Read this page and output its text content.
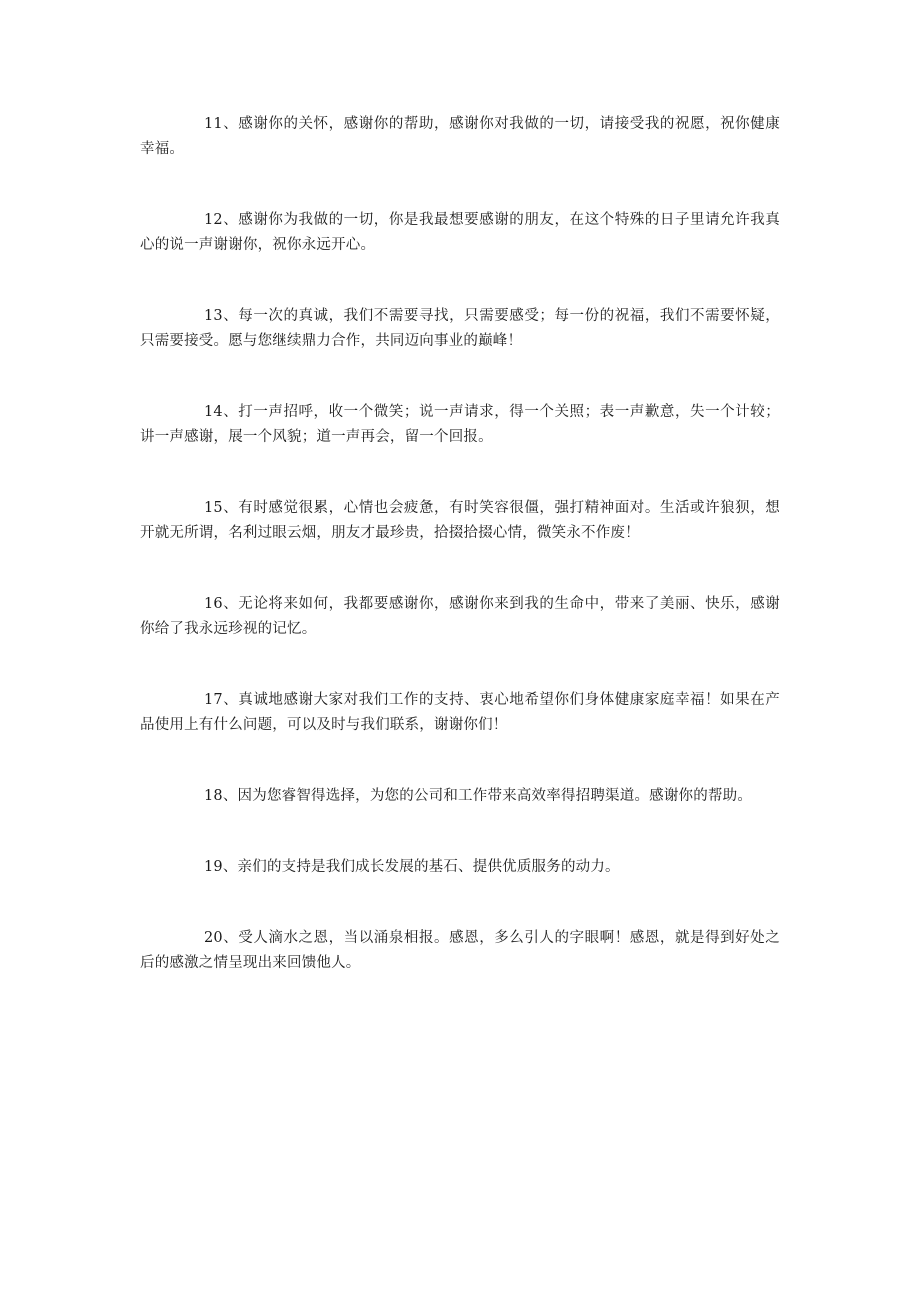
11、感谢你的关怀，感谢你的帮助，感谢你对我做的一切，请接受我的祝愿，祝你健康幸福。

12、感谢你为我做的一切，你是我最想要感谢的朋友，在这个特殊的日子里请允许我真心的说一声谢谢你，祝你永远开心。

13、每一次的真诚，我们不需要寻找，只需要感受；每一份的祝福，我们不需要怀疑，只需要接受。愿与您继续鼎力合作，共同迈向事业的巅峰！

14、打一声招呼，收一个微笑；说一声请求，得一个关照；表一声歉意，失一个计较；讲一声感谢，展一个风貌；道一声再会，留一个回报。

15、有时感觉很累，心情也会疲惫，有时笑容很僵，强打精神面对。生活或许狼狈，想开就无所谓，名利过眼云烟，朋友才最珍贵，拾掇拾掇心情，微笑永不作废！

16、无论将来如何，我都要感谢你，感谢你来到我的生命中，带来了美丽、快乐，感谢你给了我永远珍视的记忆。

17、真诚地感谢大家对我们工作的支持、衷心地希望你们身体健康家庭幸福！如果在产品使用上有什么问题，可以及时与我们联系，谢谢你们！

18、因为您睿智得选择，为您的公司和工作带来高效率得招聘渠道。感谢你的帮助。

19、亲们的支持是我们成长发展的基石、提供优质服务的动力。

20、受人滴水之恩，当以涌泉相报。感恩，多么引人的字眼啊！感恩，就是得到好处之后的感激之情呈现出来回馈他人。
